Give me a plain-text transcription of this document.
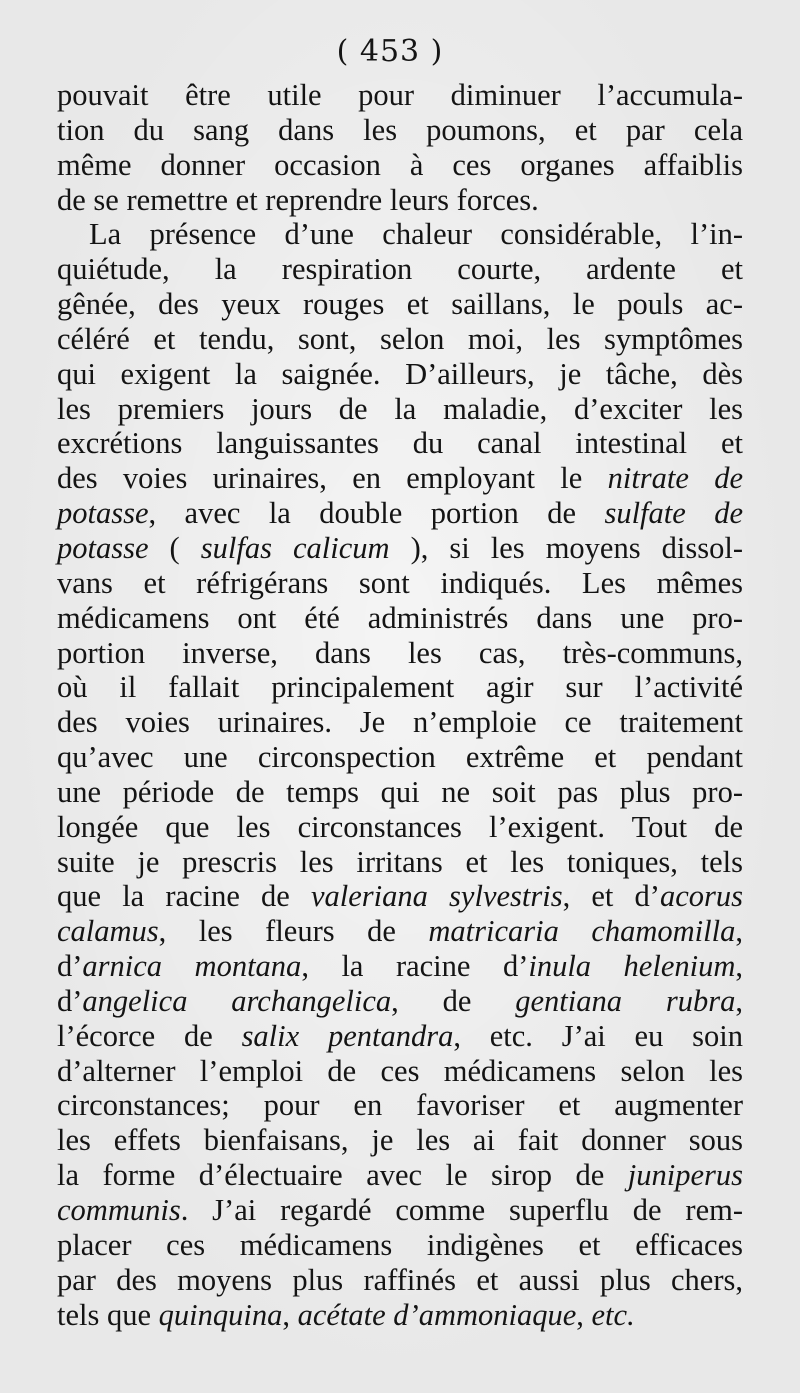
( 453 )
pouvait être utile pour diminuer l’accumula-
tion du sang dans les poumons, et par cela
même donner occasion à ces organes affaiblis
de se remettre et reprendre leurs forces.
La présence d’une chaleur considérable, l’in-
quiétude, la respiration courte, ardente et
gênée, des yeux rouges et saillans, le pouls ac-
céléré et tendu, sont, selon moi, les symptômes
qui exigent la saignée. D’ailleurs, je tâche, dès
les premiers jours de la maladie, d’exciter les
excrétions languissantes du canal intestinal et
des voies urinaires, en employant le nitrate de
potasse, avec la double portion de sulfate de
potasse ( sulfas calicum ), si les moyens dissol-
vans et réfrigérans sont indiqués. Les mêmes
médicamens ont été administrés dans une pro-
portion inverse, dans les cas, très-communs,
où il fallait principalement agir sur l’activité
des voies urinaires. Je n’emploie ce traitement
qu’avec une circonspection extrême et pendant
une période de temps qui ne soit pas plus pro-
longée que les circonstances l’exigent. Tout de
suite je prescris les irritans et les toniques, tels
que la racine de valeriana sylvestris, et d’acorus
calamus, les fleurs de matricaria chamomilla,
d’arnica montana, la racine d’inula helenium,
d’angelica archangelica, de gentiana rubra,
l’écorce de salix pentandra, etc. J’ai eu soin
d’alterner l’emploi de ces médicamens selon les
circonstances; pour en favoriser et augmenter
les effets bienfaisans, je les ai fait donner sous
la forme d’électuaire avec le sirop de juniperus
communis. J’ai regardé comme superflu de rem-
placer ces médicamens indigènes et efficaces
par des moyens plus raffinés et aussi plus chers,
tels que quinquina, acétate d’ammoniaque, etc.
